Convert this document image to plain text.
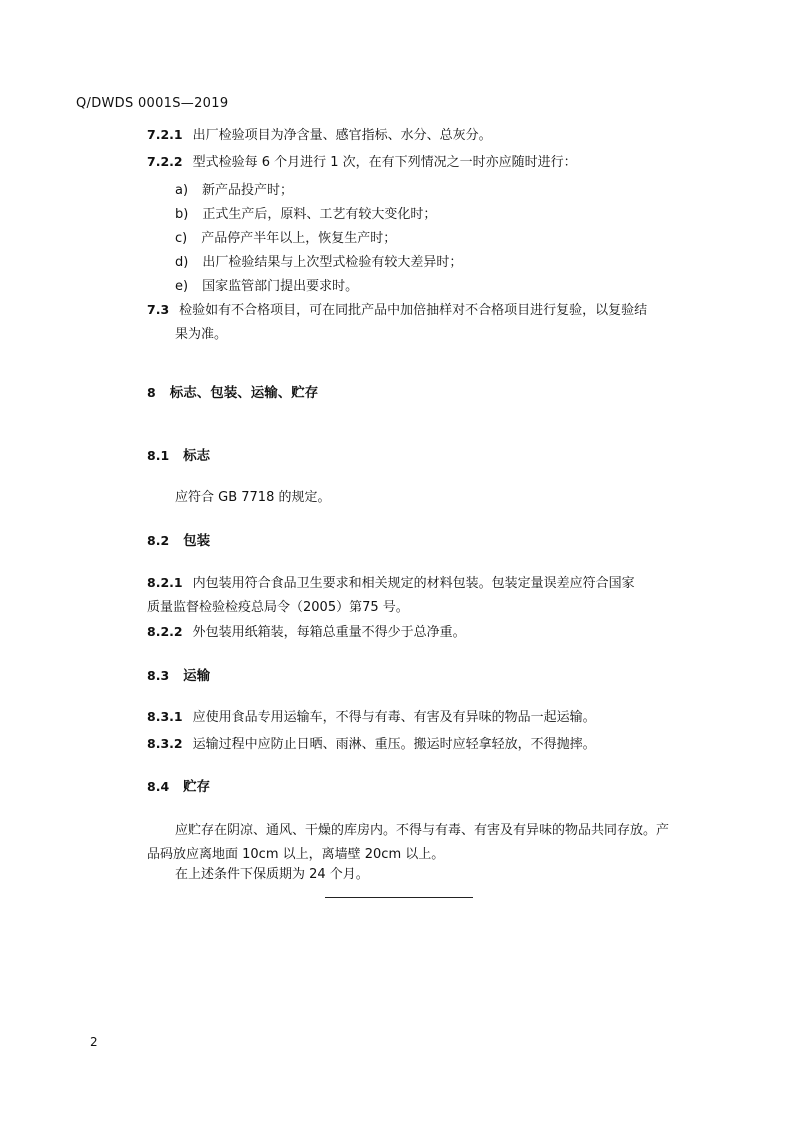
Q/DWDS 0001S—2019
7.2.1 出厂检验项目为净含量、感官指标、水分、总灰分。
7.2.2 型式检验每 6 个月进行 1 次，在有下列情况之一时亦应随时进行：
a) 新产品投产时；
b) 正式生产后，原料、工艺有较大变化时；
c) 产品停产半年以上，恢复生产时；
d) 出厂检验结果与上次型式检验有较大差异时；
e) 国家监管部门提出要求时。
7.3 检验如有不合格项目，可在同批产品中加倍抽样对不合格项目进行复验，以复验结
果为准。
8 标志、包装、运输、贮存
8.1 标志
应符合 GB 7718 的规定。
8.2 包装
8.2.1 内包装用符合食品卫生要求和相关规定的材料包装。包装定量误差应符合国家
质量监督检验检疫总局令（2005）第75 号。
8.2.2 外包装用纸箱装，每箱总重量不得少于总净重。
8.3 运输
8.3.1 应使用食品专用运输车，不得与有毒、有害及有异味的物品一起运输。
8.3.2 运输过程中应防止日晒、雨淋、重压。搬运时应轻拿轻放，不得抛摔。
8.4 贮存
应贮存在阴凉、通风、干燥的库房内。不得与有毒、有害及有异味的物品共同存放。产
品码放应离地面 10cm 以上，离墙壁 20cm 以上。
在上述条件下保质期为 24 个月。
2
